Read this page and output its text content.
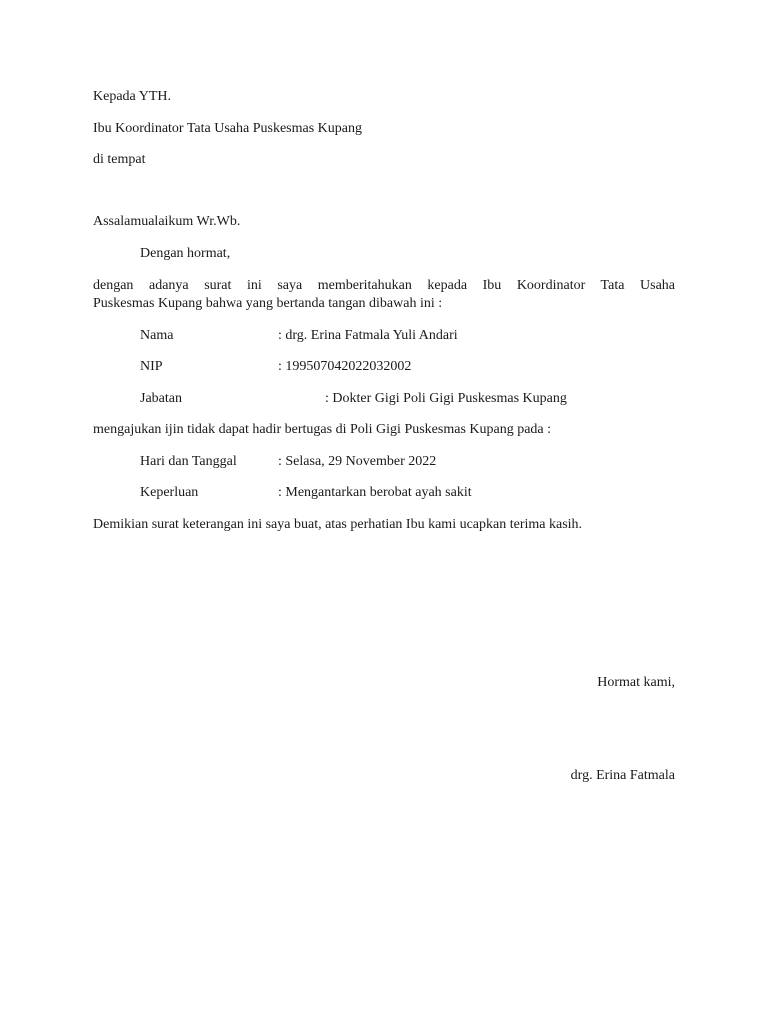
Kepada YTH.
Ibu Koordinator Tata Usaha Puskesmas Kupang
di tempat
Assalamualaikum Wr.Wb.
Dengan hormat,
dengan adanya surat ini saya memberitahukan kepada Ibu Koordinator Tata Usaha
Puskesmas Kupang bahwa yang bertanda tangan dibawah ini :
Nama	: drg. Erina Fatmala Yuli Andari
NIP	: 199507042022032002
Jabatan	: Dokter Gigi Poli Gigi Puskesmas Kupang
mengajukan ijin tidak dapat hadir bertugas di Poli Gigi Puskesmas Kupang pada :
Hari dan Tanggal	: Selasa, 29 November 2022
Keperluan	: Mengantarkan berobat ayah sakit
Demikian surat keterangan ini saya buat, atas perhatian Ibu kami ucapkan terima kasih.
Hormat kami,
drg. Erina Fatmala
